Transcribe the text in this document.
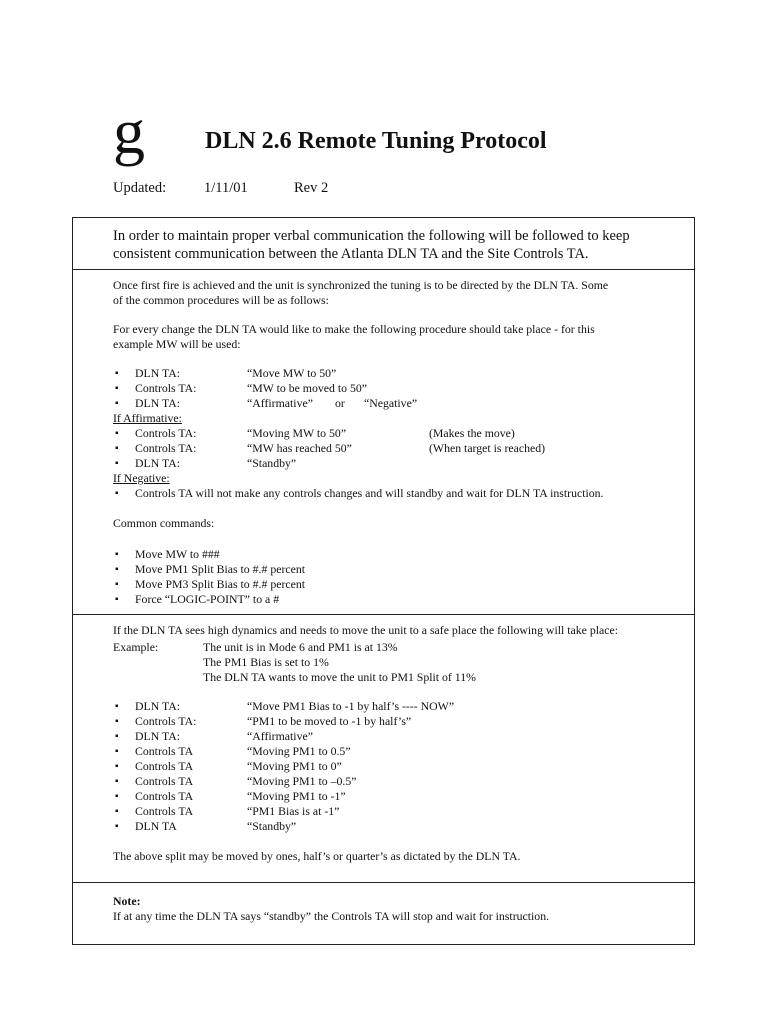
g	DLN 2.6 Remote Tuning Protocol
Updated:	1/11/01	Rev 2
In order to maintain proper verbal communication the following will be followed to keep
consistent communication between the Atlanta DLN TA and the Site Controls TA.
Once first fire is achieved and the unit is synchronized the tuning is to be directed by the DLN TA. Some
of the common procedures will be as follows:
For every change the DLN TA would like to make the following procedure should take place - for this
example MW will be used:
▪ DLN TA:	“Move MW to 50”
▪ Controls TA:	“MW to be moved to 50”
▪ DLN TA:	“Affirmative” or “Negative”
If Affirmative:
▪ Controls TA:	“Moving MW to 50”	(Makes the move)
▪ Controls TA:	“MW has reached 50”	(When target is reached)
▪ DLN TA:	“Standby”
If Negative:
▪ Controls TA will not make any controls changes and will standby and wait for DLN TA instruction.
Common commands:
▪ Move MW to ###
▪ Move PM1 Split Bias to #.# percent
▪ Move PM3 Split Bias to #.# percent
▪ Force “LOGIC-POINT” to a #
If the DLN TA sees high dynamics and needs to move the unit to a safe place the following will take place:
Example:	The unit is in Mode 6 and PM1 is at 13%
The PM1 Bias is set to 1%
The DLN TA wants to move the unit to PM1 Split of 11%
▪ DLN TA:	“Move PM1 Bias to -1 by half’s ---- NOW”
▪ Controls TA:	“PM1 to be moved to -1 by half’s”
▪ DLN TA:	“Affirmative”
▪ Controls TA	“Moving PM1 to 0.5”
▪ Controls TA	“Moving PM1 to 0”
▪ Controls TA	“Moving PM1 to –0.5”
▪ Controls TA	“Moving PM1 to -1”
▪ Controls TA	“PM1 Bias is at -1”
▪ DLN TA	“Standby”
The above split may be moved by ones, half’s or quarter’s as dictated by the DLN TA.
Note:
If at any time the DLN TA says “standby” the Controls TA will stop and wait for instruction.
